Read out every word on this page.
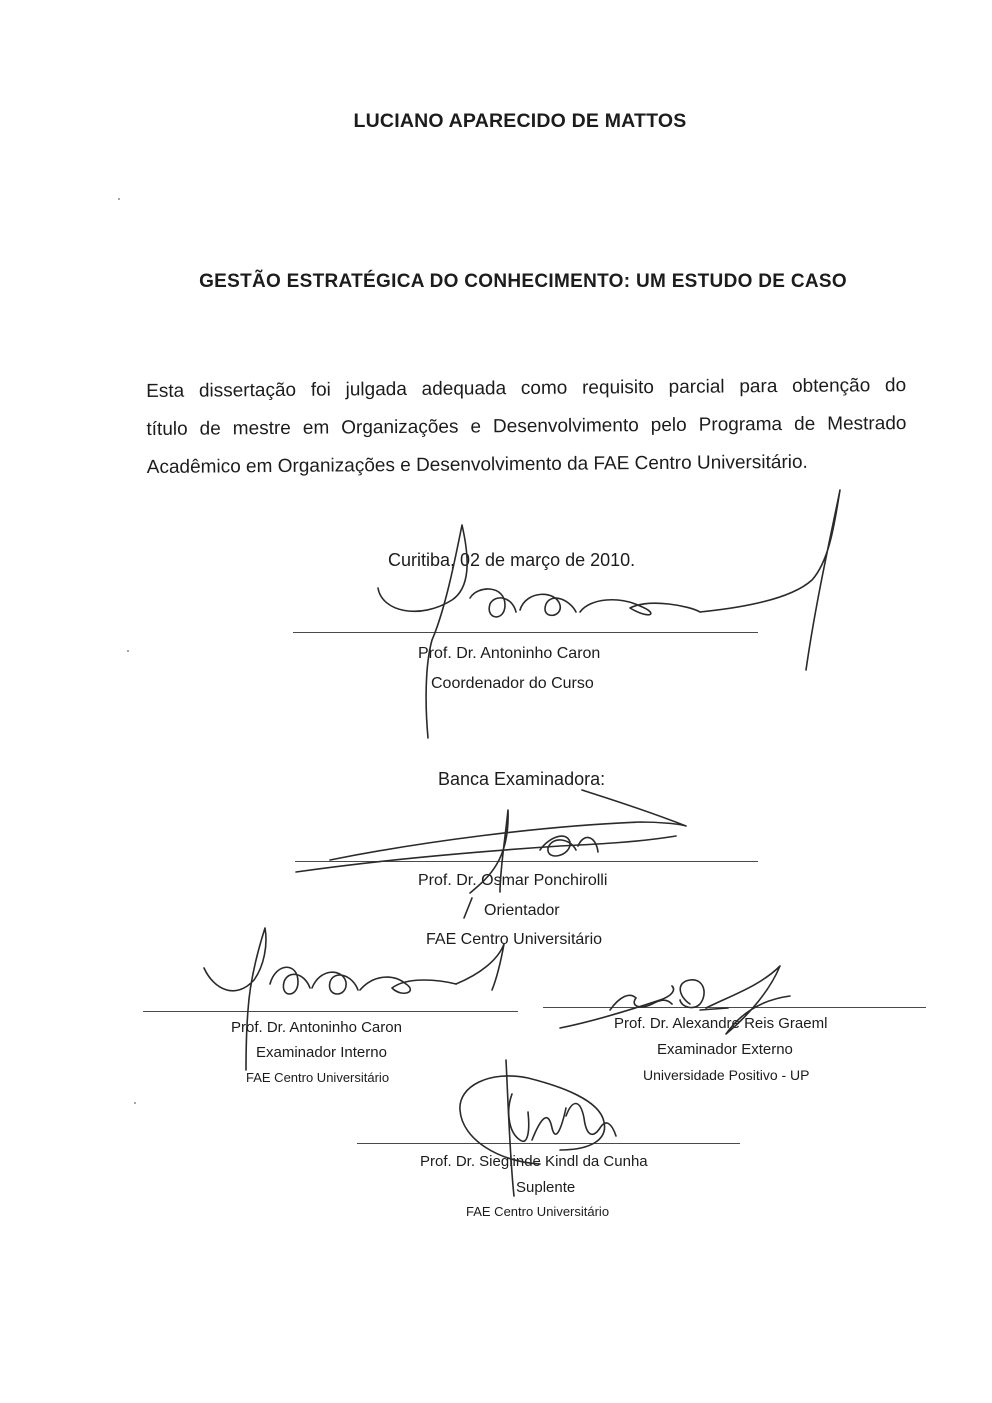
LUCIANO APARECIDO DE MATTOS
GESTÃO ESTRATÉGICA DO CONHECIMENTO: UM ESTUDO DE CASO
Esta dissertação foi julgada adequada como requisito parcial para obtenção do
título de mestre em Organizações e Desenvolvimento pelo Programa de Mestrado
Acadêmico em Organizações e Desenvolvimento da FAE Centro Universitário.
Curitiba, 02 de março de 2010.
Prof. Dr. Antoninho Caron
Coordenador do Curso
Banca Examinadora:
Prof. Dr. Osmar Ponchirolli
Orientador
FAE Centro Universitário
Prof. Dr. Antoninho Caron
Examinador Interno
FAE Centro Universitário
Prof. Dr. Alexandre Reis Graeml
Examinador Externo
Universidade Positivo - UP
Prof. Dr. Sieglinde Kindl da Cunha
Suplente
FAE Centro Universitário
